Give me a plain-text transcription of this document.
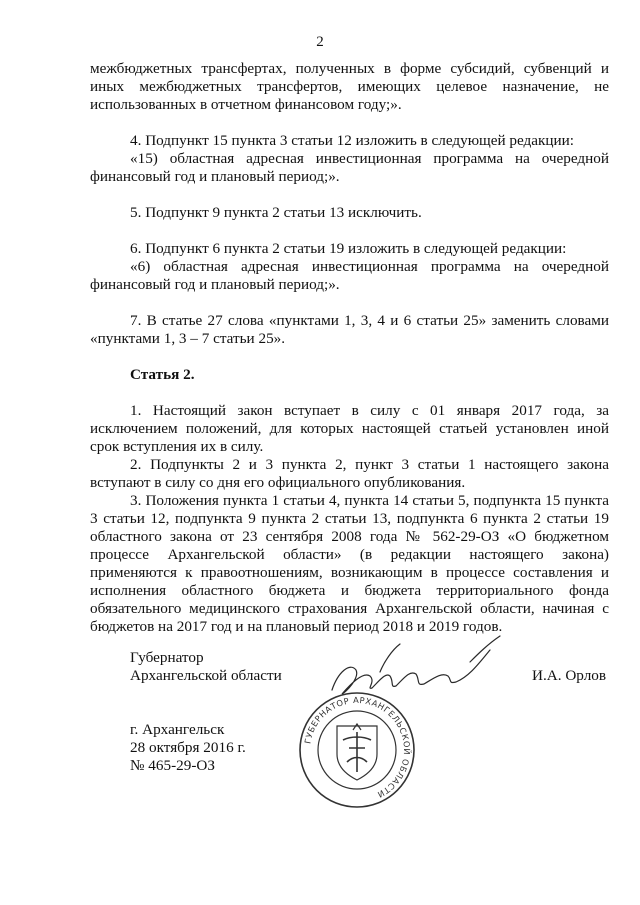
2

межбюджетных трансфертах, полученных в форме субсидий, субвенций и иных межбюджетных трансфертов, имеющих целевое назначение, не использованных в отчетном финансовом году;».

4. Подпункт 15 пункта 3 статьи 12 изложить в следующей редакции:

«15) областная адресная инвестиционная программа на очередной финансовый год и плановый период;».

5. Подпункт 9 пункта 2 статьи 13 исключить.

6. Подпункт 6 пункта 2 статьи 19 изложить в следующей редакции:

«6) областная адресная инвестиционная программа на очередной финансовый год и плановый период;».

7. В статье 27 слова «пунктами 1, 3, 4 и 6 статьи 25» заменить словами «пунктами 1, 3 – 7 статьи 25».

Статья 2.

1. Настоящий закон вступает в силу с 01 января 2017 года, за исключением положений, для которых настоящей статьей установлен иной срок вступления их в силу.

2. Подпункты 2 и 3 пункта 2, пункт 3 статьи 1 настоящего закона вступают в силу со дня его официального опубликования.

3. Положения пункта 1 статьи 4, пункта 14 статьи 5, подпункта 15 пункта 3 статьи 12, подпункта 9 пункта 2 статьи 13, подпункта 6 пункта 2 статьи 19 областного закона от 23 сентября 2008 года № 562-29-ОЗ «О бюджетном процессе Архангельской области» (в редакции настоящего закона) применяются к правоотношениям, возникающим в процессе составления и исполнения областного бюджета и бюджета территориального фонда обязательного медицинского страхования Архангельской области, начиная с бюджетов на 2017 год и на плановый период 2018 и 2019 годов.

Губернатор
Архангельской области	И.А. Орлов
г. Архангельск
28 октября 2016 г.
№ 465-29-ОЗ
ГУБЕРНАТОР АРХАНГЕЛЬСКОЙ ОБЛАСТИ
